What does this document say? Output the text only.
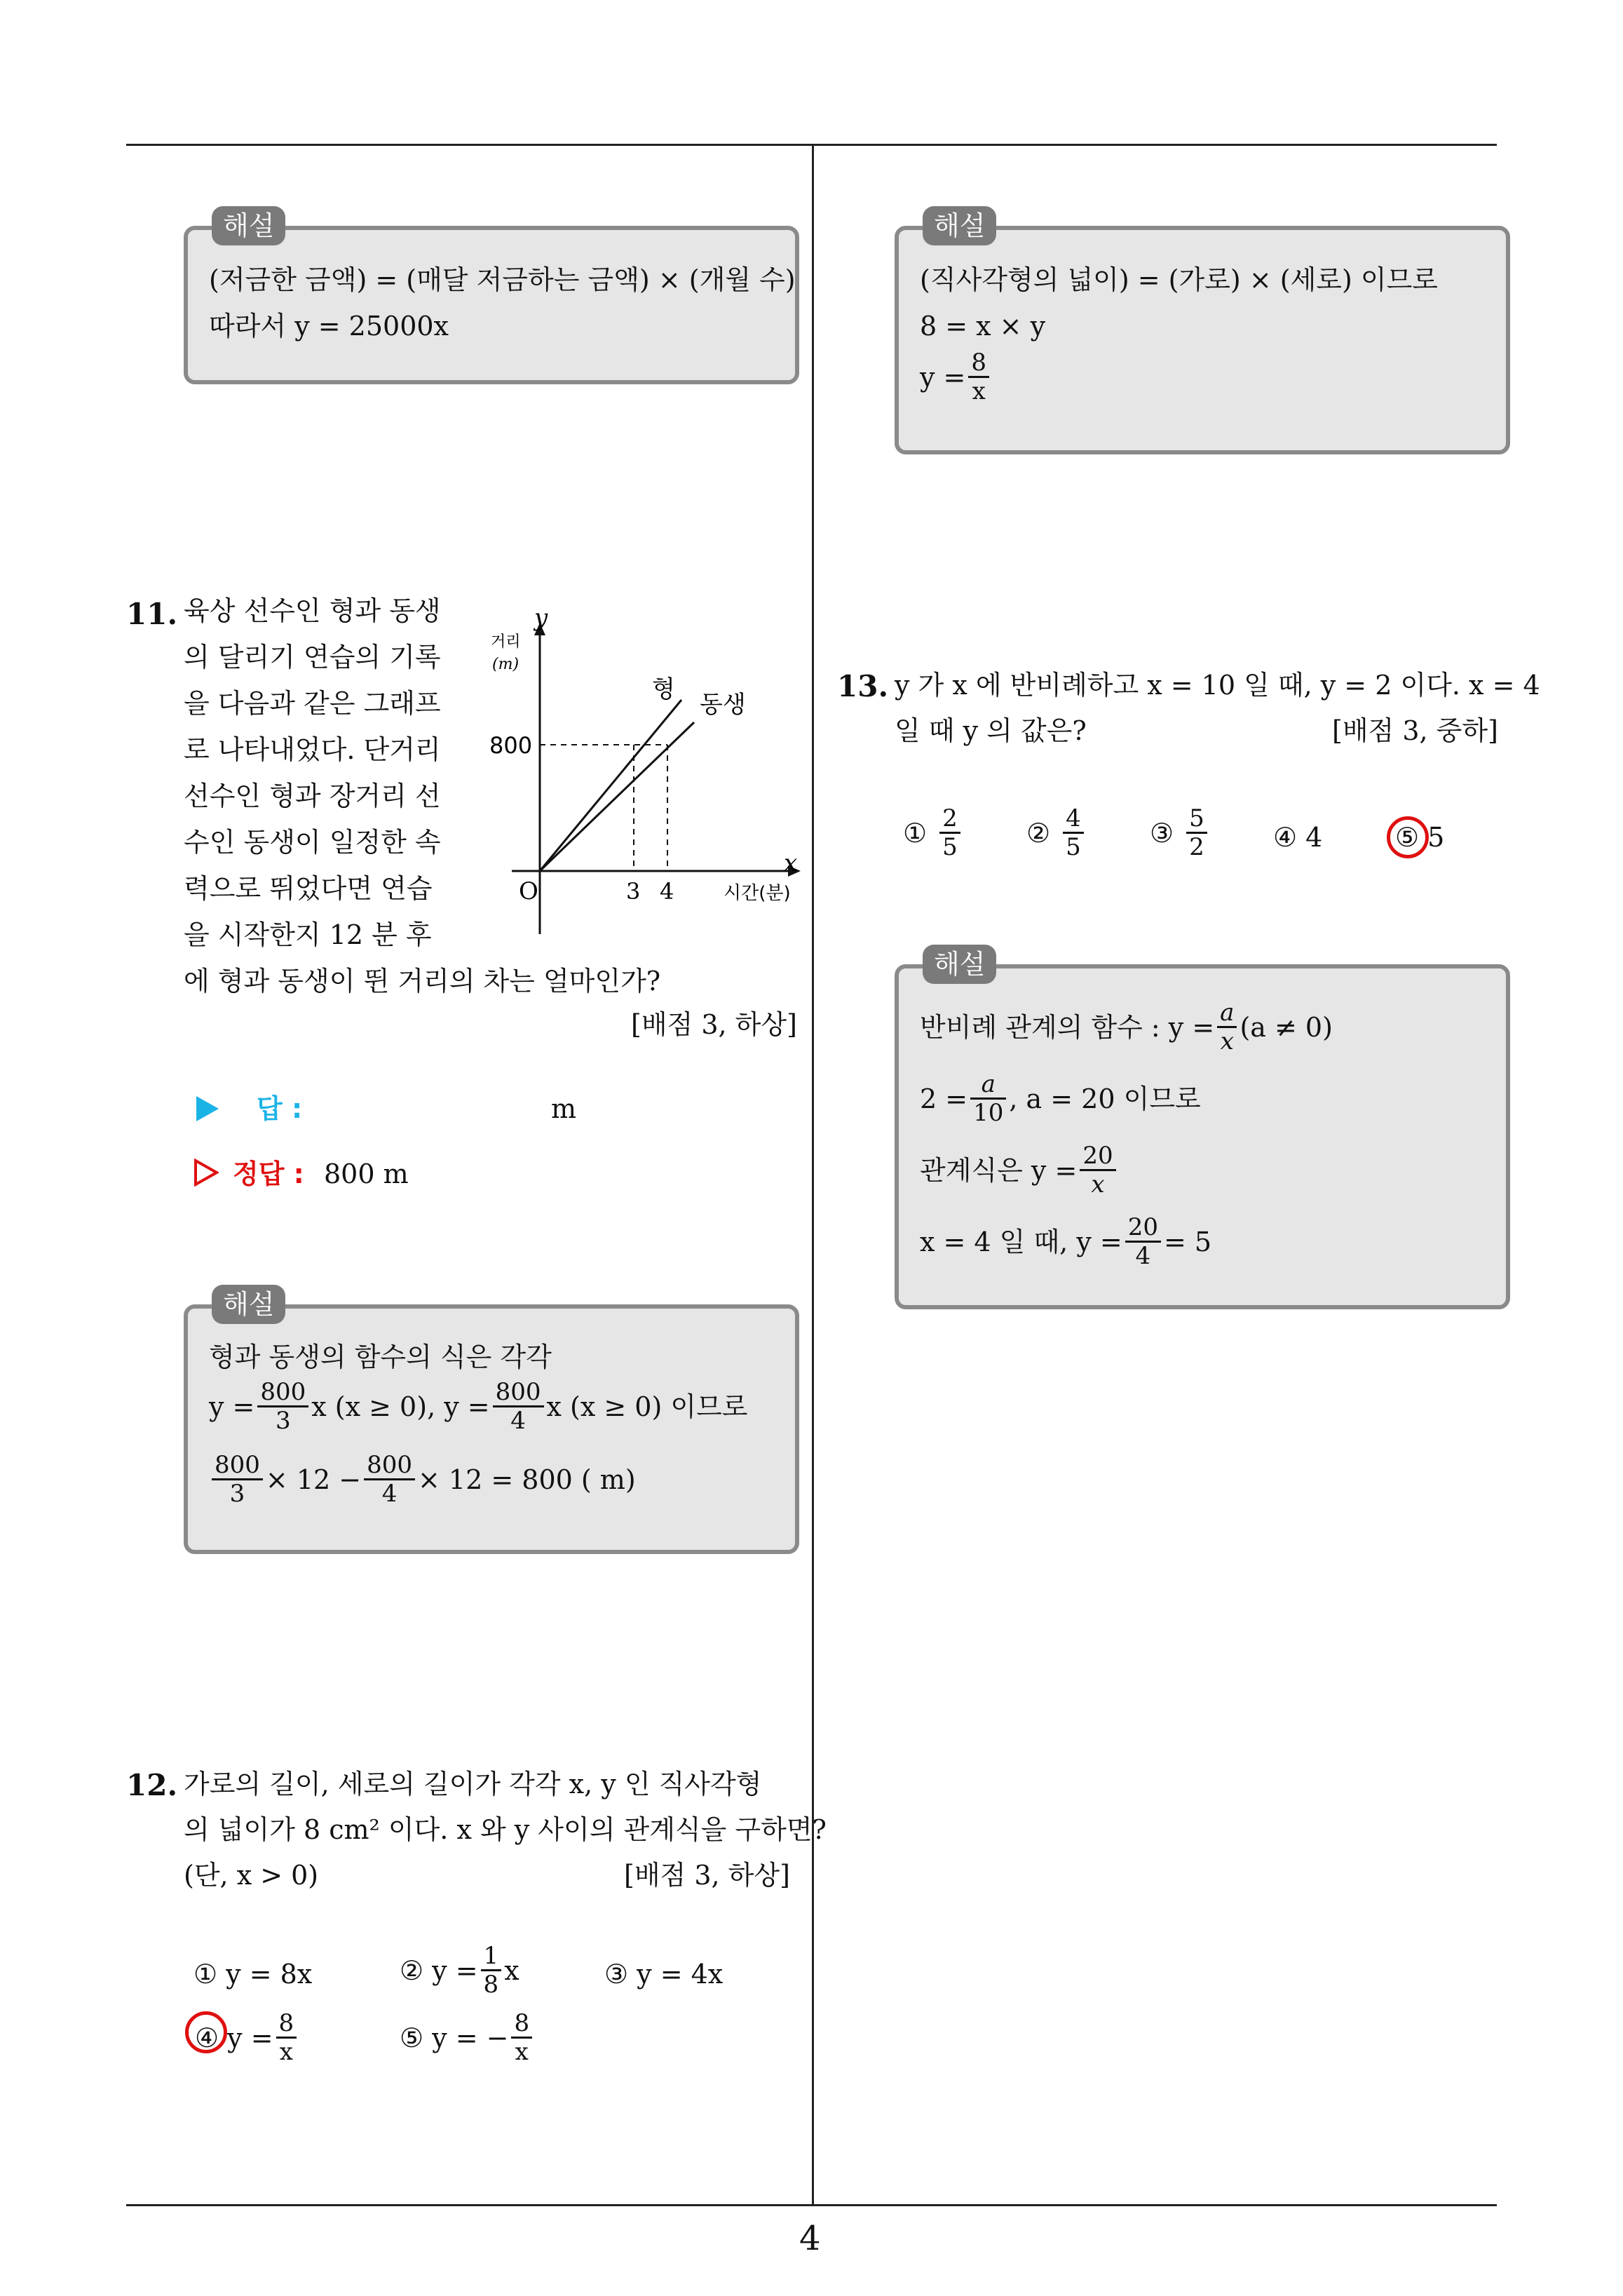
4
(저금한 금액) = (매달 저금하는 금액) × (개월 수)
따라서 y = 25000x
해설
11. 육상 선수인 형과 동생
의 달리기 연습의 기록
을 다음과 같은 그래프
로 나타내었다. 단거리
선수인 형과 장거리 선
수인 동생이 일정한 속
력으로 뛰었다면 연습
을 시작한지 12 분 후
에 형과 동생이 뛴 거리의 차는 얼마인가?
[배점 3, 하상]
y
x
거리
(m)
시간(분)
O
800
3 4
형
동생
답 :	m
정답 : 800 m
형과 동생의 함수의 식은 각각
$y = \frac{800}{3}$ x (x ≥ 0), $y = \frac{800}{4}$ x (x ≥ 0) 이므로
$\frac{800}{3} \times 12 - \frac{800}{4} \times 12 = 800$ ( m)
해설
12. 가로의 길이, 세로의 길이가 각각 x, y 인 직사각형
의 넓이가 8 cm² 이다. x 와 y 사이의 관계식을 구하면?
(단, x > 0)	[배점 3, 하상]
① y = 8x	② $y = \frac{1}{8}$ x	③ y = 4x
④ $y = \frac{8}{x}$	⑤ y = − $\frac{8}{x}$
(직사각형의 넓이) = (가로) × (세로) 이므로
8 = x × y
$y = \frac{8}{x}$
해설
13. y 가 x 에 반비례하고 x = 10 일 때, y = 2 이다. x = 4
일 때 y 의 값은?	[배점 3, 중하]
① $\frac{2}{5}$ ② $\frac{4}{5}$ ③ $\frac{5}{2}$ ④ 4	⑤ 5
반비례 관계의 함수 : $y = \frac{a}{x} (a \ne 0)$
$2 = \frac{a}{10}$ , a = 20 이므로
관계식은 $y = \frac{20}{x}$
x = 4 일 때, $y = \frac{20}{4} = 5$
해설
